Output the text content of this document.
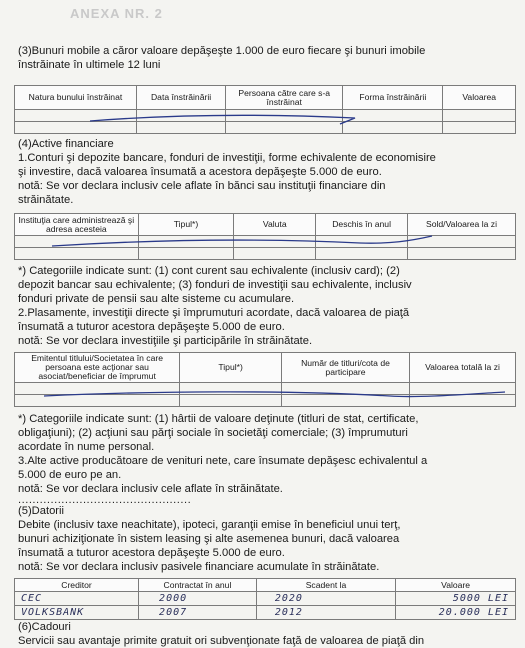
ANEXA NR. 2
(3)Bunuri mobile a căror valoare depăşeşte 1.000 de euro fiecare şi bunuri imobile
înstrăinate în ultimele 12 luni
Natura bunului înstrăinat	Data înstrăinării	Persoana către care s-a înstrăinat	Forma înstrăinării	Valoarea

(4)Active financiare
1.Conturi şi depozite bancare, fonduri de investiţii, forme echivalente de economisire
şi investire, dacă valoarea însumată a acestora depăşeşte 5.000 de euro.
notă: Se vor declara inclusiv cele aflate în bănci sau instituţii financiare din
străinătate.
Instituţia care administrează şi adresa acesteia	Tipul*)	Valuta	Deschis în anul	Sold/Valoarea la zi

*) Categoriile indicate sunt: (1) cont curent sau echivalente (inclusiv card); (2)
depozit bancar sau echivalente; (3) fonduri de investiţii sau echivalente, inclusiv
fonduri private de pensii sau alte sisteme cu acumulare.
2.Plasamente, investiţii directe şi împrumuturi acordate, dacă valoarea de piaţă
însumată a tuturor acestora depăşeşte 5.000 de euro.
notă: Se vor declara investiţiile şi participările în străinătate.
Emitentul titlului/Societatea în care persoana este acţionar sau asociat/beneficiar de împrumut	Tipul*)	Număr de titluri/cota de participare	Valoarea totală la zi

*) Categoriile indicate sunt: (1) hârtii de valoare deţinute (titluri de stat, certificate,
obligaţiuni); (2) acţiuni sau părţi sociale în societăţi comerciale; (3) împrumuturi
acordate în nume personal.
3.Alte active producătoare de venituri nete, care însumate depăşesc echivalentul a
5.000 de euro pe an.
notă: Se vor declara inclusiv cele aflate în străinătate.
................................................
(5)Datorii
Debite (inclusiv taxe neachitate), ipoteci, garanţii emise în beneficiul unui terţ,
bunuri achiziţionate în sistem leasing şi alte asemenea bunuri, dacă valoarea
însumată a tuturor acestora depăşeşte 5.000 de euro.
notă: Se vor declara inclusiv pasivele financiare acumulate în străinătate.
Creditor	Contractat în anul	Scadent la	Valoare
CEC	2000	2020	5000 LEI
VOLKSBANK	2007	2012	20.000 LEI
(6)Cadouri
Servicii sau avantaje primite gratuit ori subvenţionate faţă de valoarea de piaţă din
